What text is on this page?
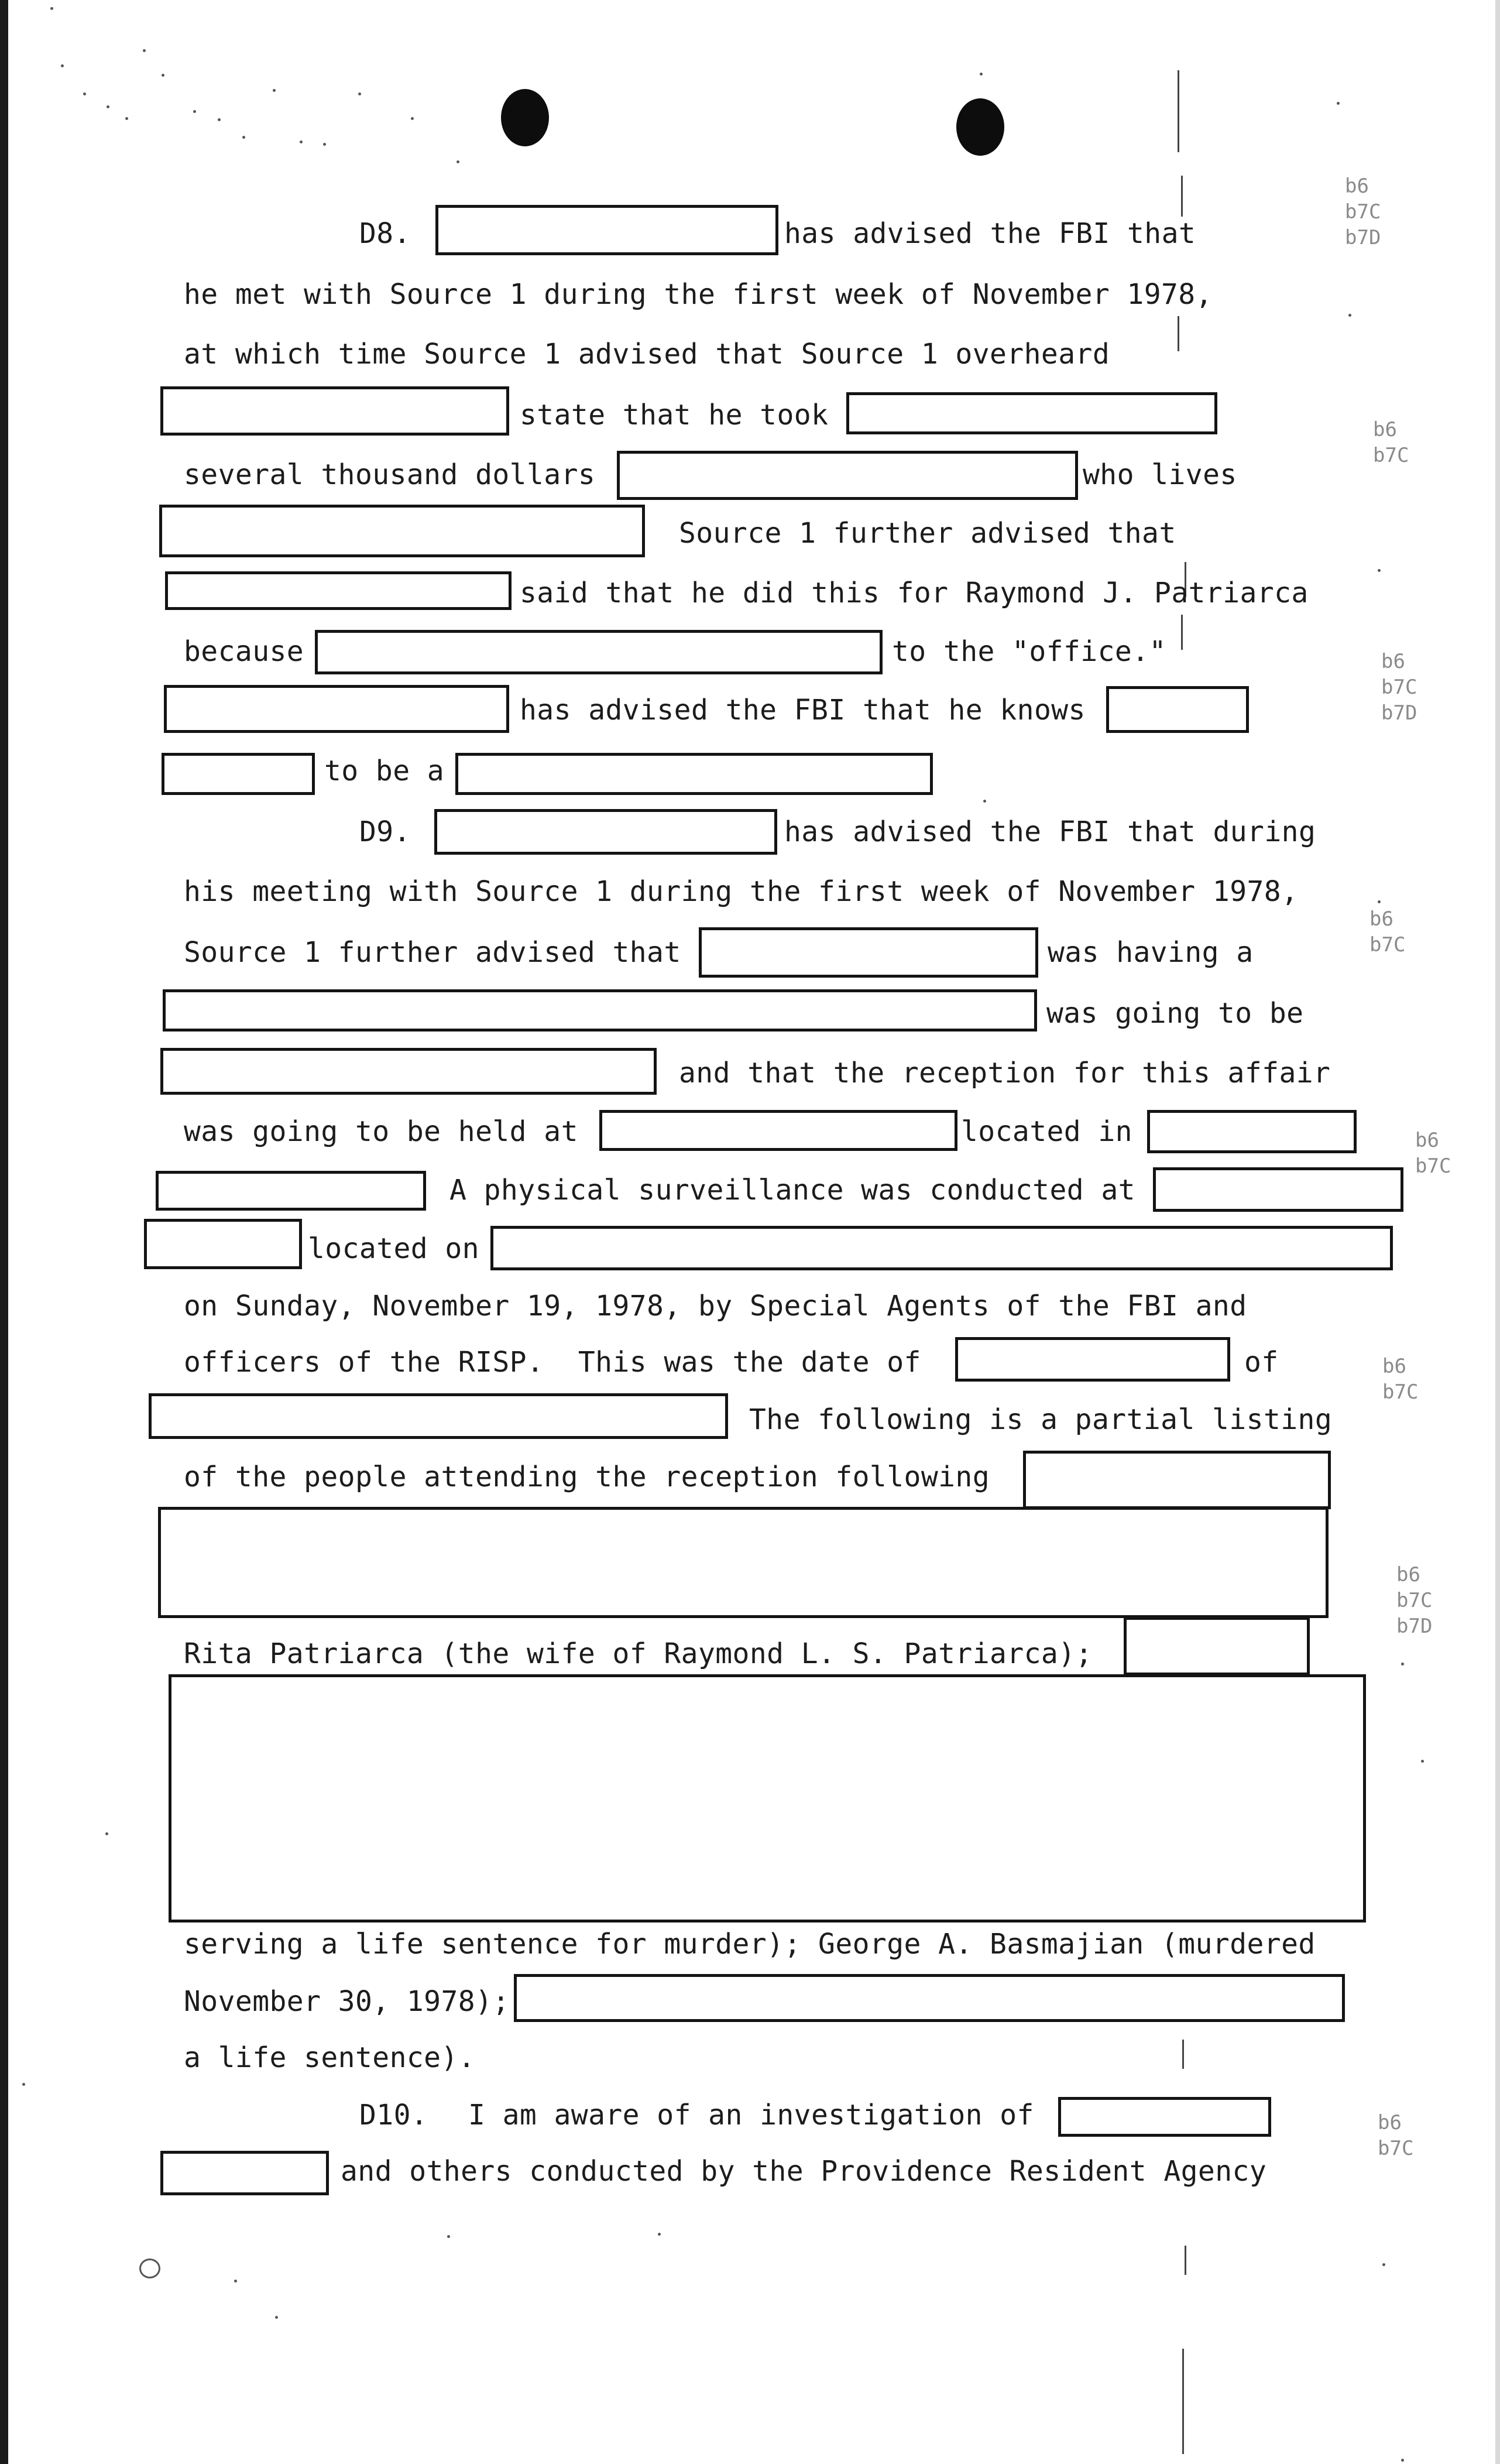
b6
b7C
b7D
b6
b7C
b6
b7C
b7D
b6
b7C
b6
b7C
b6
b7C
b6
b7C
b7D
b6
b7C
D8.	has advised the FBI that
he met with Source 1 during the first week of November 1978,
at which time Source 1 advised that Source 1 overheard
state that he took
several thousand dollars	who lives
Source 1 further advised that
said that he did this for Raymond J. Patriarca
because	to the "office."
has advised the FBI that he knows
to be a
D9.	has advised the FBI that during
his meeting with Source 1 during the first week of November 1978,
Source 1 further advised that	was having a
was going to be
and that the reception for this affair
was going to be held at	located in
A physical surveillance was conducted at
located on
on Sunday, November 19, 1978, by Special Agents of the FBI and
officers of the RISP.  This was the date of	of
The following is a partial listing
of the people attending the reception following
Rita Patriarca (the wife of Raymond L. S. Patriarca);
serving a life sentence for murder); George A. Basmajian (murdered
November 30, 1978);
a life sentence).
D10. I am aware of an investigation of
and others conducted by the Providence Resident Agency
